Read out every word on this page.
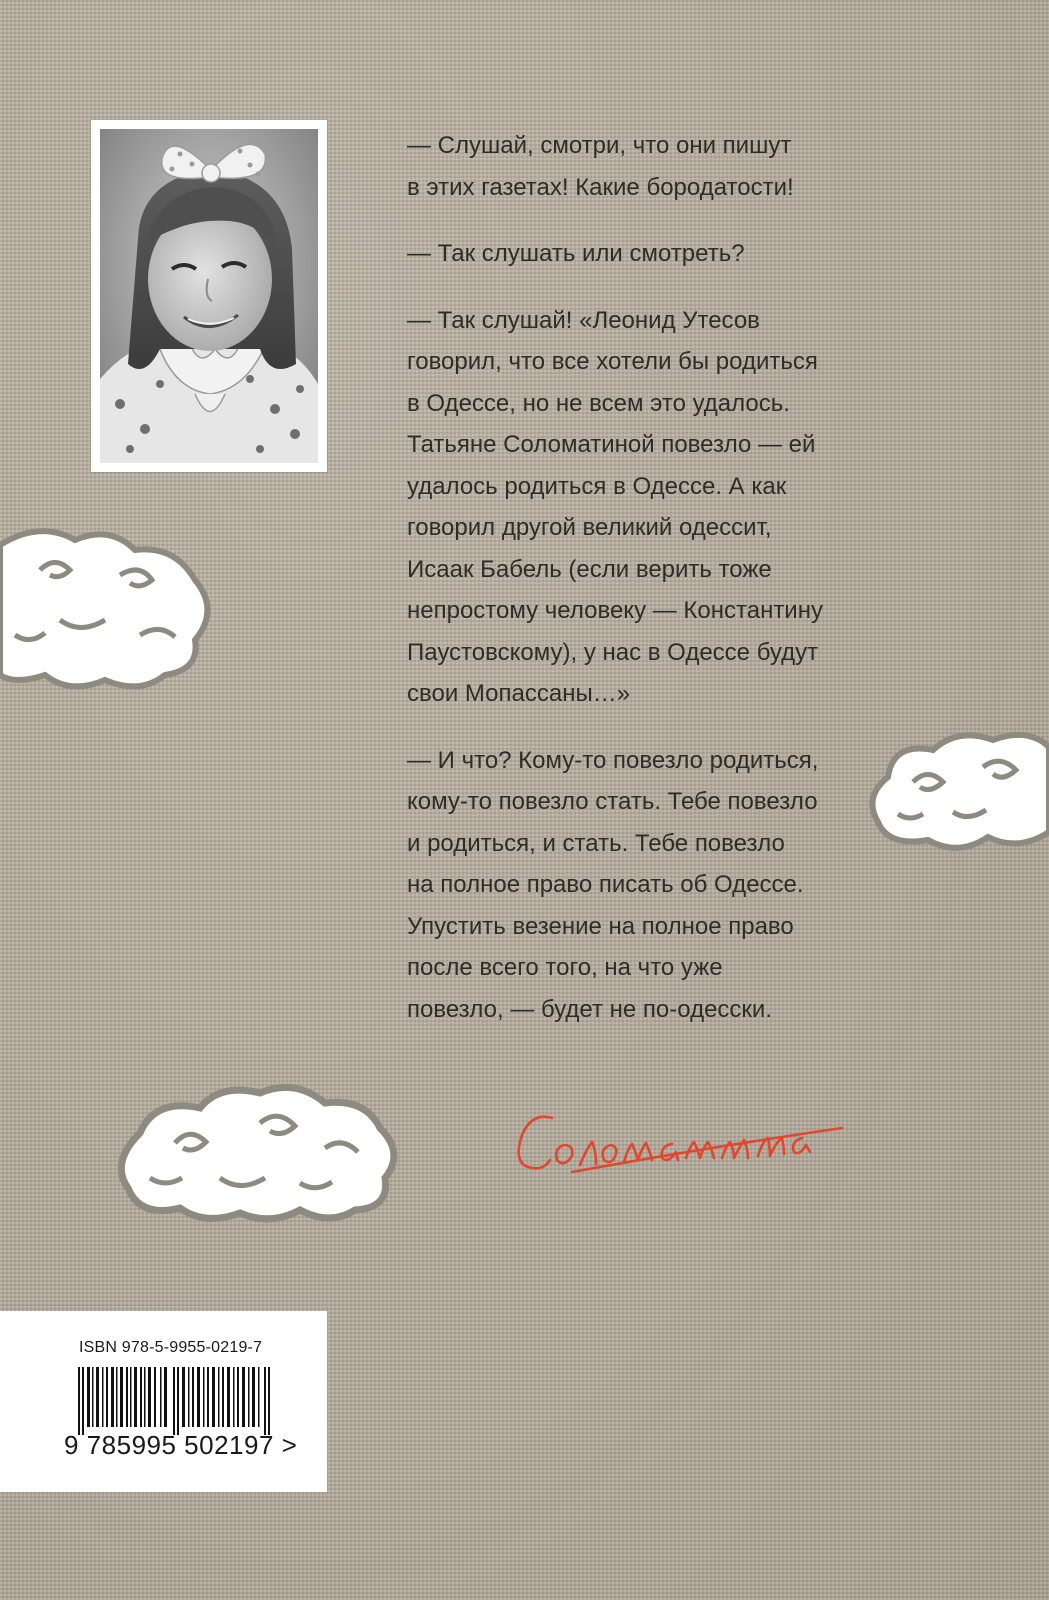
— Слушай, смотри, что они пишут
в этих газетах! Какие бородатости!

— Так слушать или смотреть?

— Так слушай! «Леонид Утесов
говорил, что все хотели бы родиться
в Одессе, но не всем это удалось.
Татьяне Соломатиной повезло — ей
удалось родиться в Одессе. А как
говорил другой великий одессит,
Исаак Бабель (если верить тоже
непростому человеку — Константину
Паустовскому), у нас в Одессе будут
свои Мопассаны…»

— И что? Кому-то повезло родиться,
кому-то повезло стать. Тебе повезло
и родиться, и стать. Тебе повезло
на полное право писать об Одессе.
Упустить везение на полное право
после всего того, на что уже
повезло, — будет не по-одесски.

ISBN 978-5-9955-0219-7
9 785995 502197 >
